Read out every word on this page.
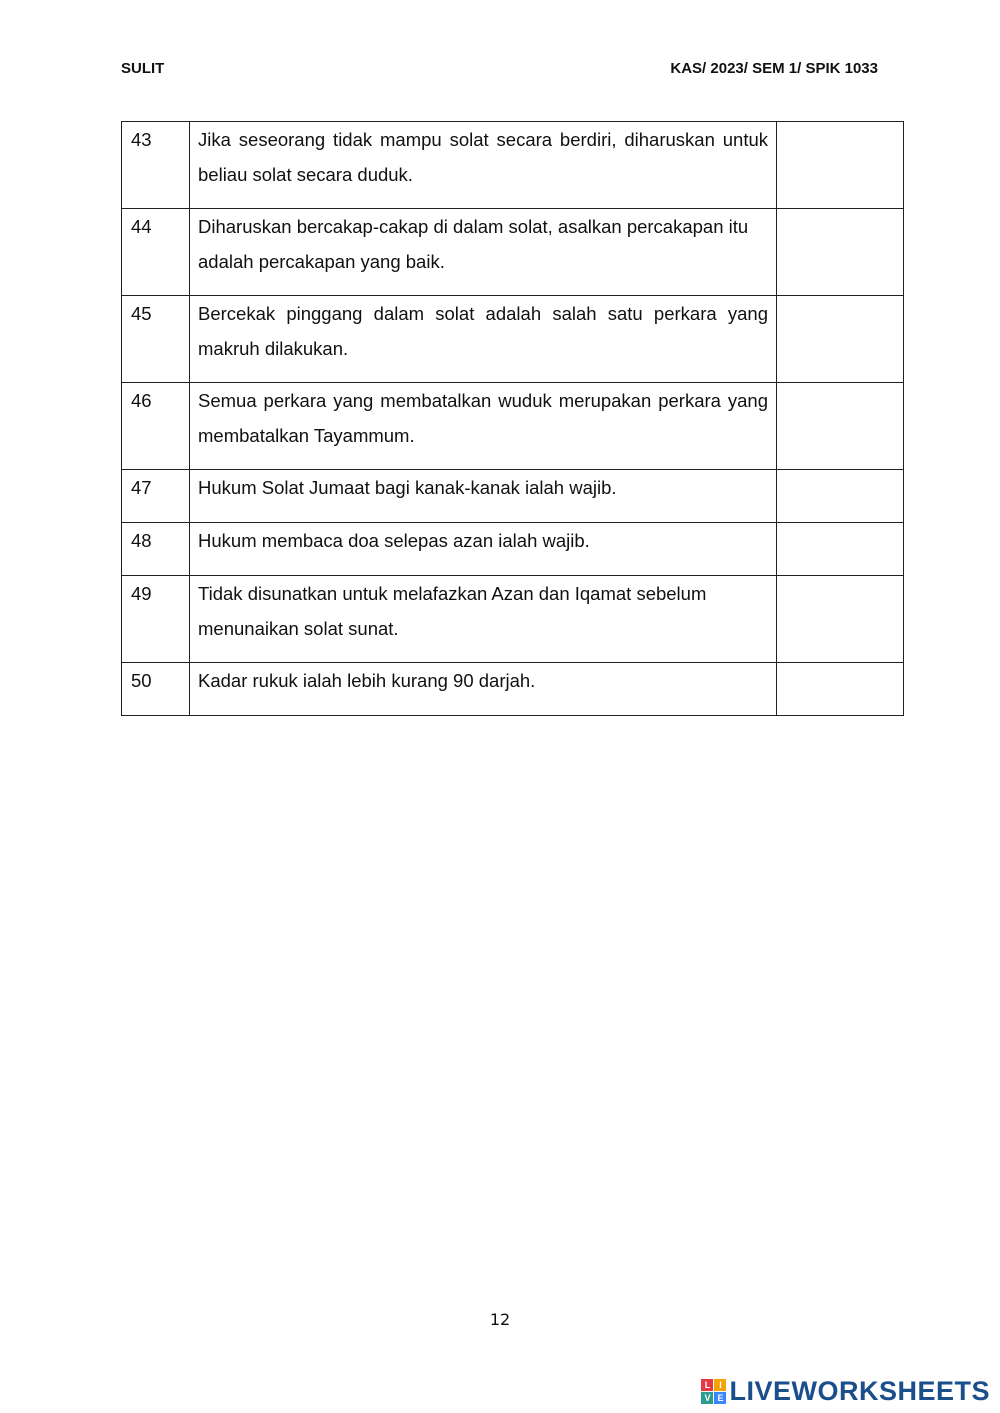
SULIT	KAS/ 2023/ SEM 1/ SPIK 1033
43	Jika seseorang tidak mampu solat secara berdiri, diharuskan untuk beliau solat secara duduk.	
44	Diharuskan bercakap-cakap di dalam solat, asalkan percakapan itu adalah percakapan yang baik.	
45	Bercekak pinggang dalam solat adalah salah satu perkara yang makruh dilakukan.	
46	Semua perkara yang membatalkan wuduk merupakan perkara yang membatalkan Tayammum.	
47	Hukum Solat Jumaat bagi kanak-kanak ialah wajib.	
48	Hukum membaca doa selepas azan ialah wajib.	
49	Tidak disunatkan untuk melafazkan Azan dan Iqamat sebelum menunaikan solat sunat.	
50	Kadar rukuk ialah lebih kurang 90 darjah.	
12
L I
V E LIVEWORKSHEETS
